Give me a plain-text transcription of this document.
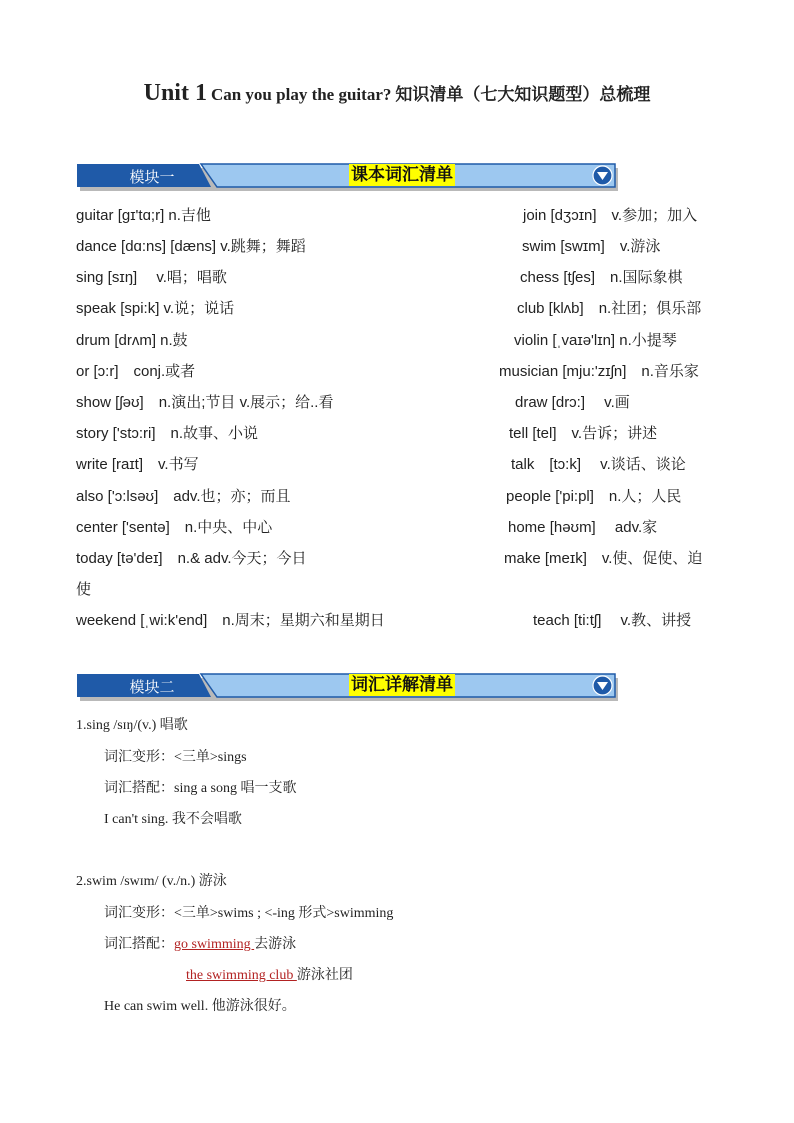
Unit 1 Can you play the guitar? 知识清单（七大知识题型）总梳理
模块一	课本词汇清单
guitar [gɪ'tɑ;r] n.吉他	join [dʒɔɪn]　v.参加；加入
dance [dɑ:ns] [dæns] v.跳舞；舞蹈	swim [swɪm]　v.游泳
sing [sɪŋ]　 v.唱；唱歌	chess [tʃes]　n.国际象棋
speak [spi:k] v.说；说话	club [klʌb]　n.社团；俱乐部
drum [drʌm] n.鼓	violin [ˌvaɪə'lɪn] n.小提琴
or [ɔ:r]　conj.或者	musician [mju:'zɪʃn]　n.音乐家
show [ʃəʊ]　n.演出;节目 v.展示；给..看	draw [drɔ:]　 v.画
story ['stɔ:ri]　n.故事、小说	tell [tel]　v.告诉；讲述
write [raɪt]　v.书写	talk　[tɔ:k]　 v.谈话、谈论
also ['ɔ:lsəʊ]　adv.也；亦；而且	people ['pi:pl]　n.人；人民
center ['sentə]　n.中央、中心	home [həʊm]　 adv.家
today [tə'deɪ]　n.& adv.今天；今日	make [meɪk]　v.使、促使、迫
使
weekend [ˌwi:k'end]　n.周末；星期六和星期日	teach [ti:tʃ]　 v.教、讲授
模块二	词汇详解清单
1.sing /sɪŋ/(v.) 唱歌
词汇变形：<三单>sings
词汇搭配：sing a song 唱一支歌
I can't sing. 我不会唱歌
2.swim /swɪm/ (v./n.) 游泳
词汇变形：<三单>swims ; <-ing 形式>swimming
词汇搭配：go swimming 去游泳
the swimming club 游泳社团
He can swim well. 他游泳很好。
